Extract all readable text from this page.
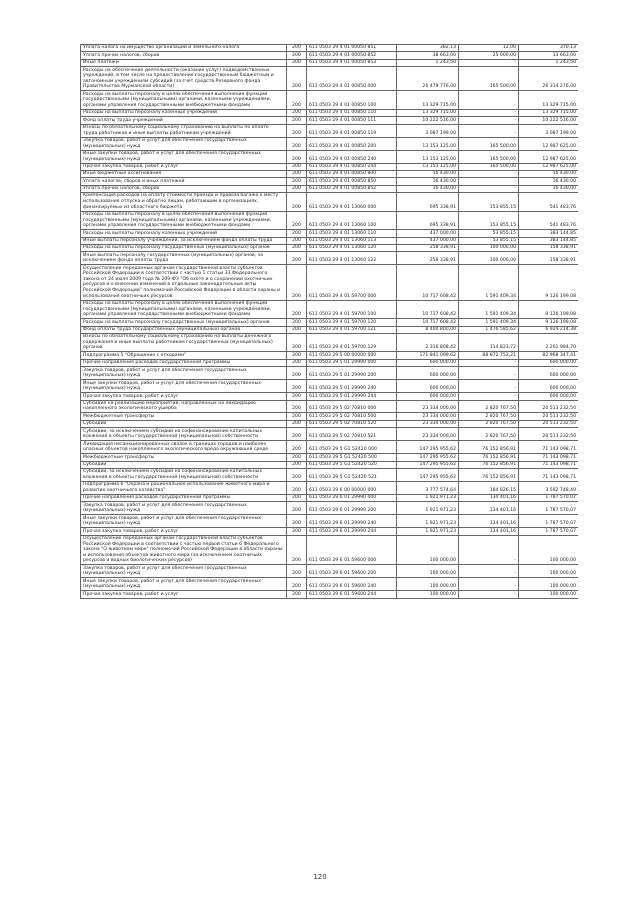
Уплата налога на имущество организаций и земельного налога	200	611 0503 29 4 01 00050 851	382,13	12,00	370,13
Уплата прочих налогов, сборов	200	611 0503 29 4 01 00050 852	38 663,00	25 000,00	13 663,00
Иные платежи	200	611 0503 29 4 01 00050 853	1 243,50	-	1 243,50
Расходы на обеспечение деятельности (оказание услуг) подведомственных учреждений, в том числе на предоставление государственным бюджетным и автономным учреждениям субсидий (за счет средств Резервного фонда Правительства Мурманской области)	200	611 0503 29 4 01 00850 000	26 479 776,00	165 500,00	26 314 276,00
Расходы на выплаты персоналу в целях обеспечения выполнения функций государственными (муниципальными) органами, казенными учреждениями, органами управления государственными внебюджетными фондами	200	611 0503 29 4 01 00850 100	13 329 715,00	-	13 329 715,00
Расходы на выплаты персоналу казенных учреждений	200	611 0503 29 4 01 00850 110	13 329 715,00	-	13 329 715,00
Фонд оплаты труда учреждений	200	611 0503 29 4 01 00850 111	10 222 516,00	-	10 222 516,00
Взносы по обязательному социальному страхованию на выплаты по оплате труда работников и иные выплаты работникам учреждений	200	611 0503 29 4 01 00850 119	3 087 199,00	-	3 087 199,00
Закупка товаров, работ и услуг для обеспечения государственных (муниципальных) нужд	200	611 0503 29 4 01 00850 200	13 153 125,00	165 500,00	12 987 625,00
Иные закупки товаров, работ и услуг для обеспечения государственных (муниципальных) нужд	200	611 0503 29 4 01 00850 240	13 153 125,00	165 500,00	12 987 625,00
Прочая закупка товаров, работ и услуг	200	611 0503 29 4 01 00850 244	13 153 125,00	165 500,00	12 987 625,00
Иные бюджетные ассигнования	200	611 0503 29 4 01 00850 800	16 430,00	-	16 430,00
Уплата налогов, сборов и иных платежей	200	611 0503 29 4 01 00850 850	16 430,00	-	16 430,00
Уплата прочих налогов, сборов	200	611 0503 29 4 01 00850 852	16 430,00	-	16 430,00
Компенсация расходов на оплату стоимости проезда и провоза багажа к месту использования отпуска и обратно лицам, работающим в организациях, финансируемых из областного бюджета	200	611 0503 29 4 01 13060 000	695 338,91	153 855,15	541 483,76
Расходы на выплаты персоналу в целях обеспечения выполнения функций государственными (муниципальными) органами, казенными учреждениями, органами управления государственными внебюджетными фондами	200	611 0503 29 4 01 13060 100	695 338,91	153 855,15	541 483,76
Расходы на выплаты персоналу казенных учреждений	200	611 0503 29 4 01 13060 110	437 000,00	53 855,15	383 144,85
Иные выплаты персоналу учреждений, за исключением фонда оплаты труда	200	611 0503 29 4 01 13060 113	437 000,00	53 855,15	383 144,85
Расходы на выплаты персоналу государственных (муниципальных) органов	200	611 0503 29 4 01 13060 120	258 338,91	100 000,00	158 338,91
Иные выплаты персоналу государственных (муниципальных) органов, за исключением фонда оплаты труда	200	611 0503 29 4 01 13060 122	258 338,91	100 000,00	158 338,91
Осуществление переданных органам государственной власти субъектов Российской Федерации в соответствии с частью 1 статьи 33 Федерального закона от 24 июля 2009 года № 209-ФЗ "Об охоте и о сохранении охотничьих ресурсов и о внесении изменений в отдельные законодательные акты Российской Федерации" полномочий Российской Федерации в области охраны и использования охотничьих ресурсов	200	611 0503 29 4 01 59700 000	10 717 608,42	1 591 409,34	9 126 199,08
Расходы на выплаты персоналу в целях обеспечения выполнения функций государственными (муниципальными) органами, казенными учреждениями, органами управления государственными внебюджетными фондами	200	611 0503 29 4 01 59700 100	10 717 608,42	1 591 409,34	9 126 199,08
Расходы на выплаты персоналу государственных (муниципальных) органов	200	611 0503 29 4 01 59700 120	10 717 608,42	1 591 409,34	9 126 199,08
Фонд оплаты труда государственных (муниципальных) органов	200	611 0503 29 4 01 59700 121	8 400 800,00	1 476 585,62	6 924 214,38
Взносы по обязательному социальному страхованию на выплаты денежного содержания и иные выплаты работникам государственных (муниципальных) органов	200	611 0503 29 4 01 59700 129	2 316 808,42	114 823,72	2 201 984,70
Подпрограмма 5 "Обращение с отходами"	200	611 0503 29 5 00 00000 000	171 841 099,62	88 872 752,21	82 968 347,41
Прочие направления расходов государственной программы	200	611 0503 29 5 01 29990 000	600 000,00	-	600 000,00
Закупка товаров, работ и услуг для обеспечения государственных (муниципальных) нужд	200	611 0503 29 5 01 29990 200	600 000,00	-	600 000,00
Иные закупки товаров, работ и услуг для обеспечения государственных (муниципальных) нужд	200	611 0503 29 5 01 29990 240	600 000,00	-	600 000,00
Прочая закупка товаров, работ и услуг	200	611 0503 29 5 01 29990 244	600 000,00	-	600 000,00
Субсидия на реализацию мероприятий, направленных на ликвидацию накопленного экологического ущерба	200	611 0503 29 5 02 70810 000	23 334 000,00	2 820 767,50	20 513 232,50
Межбюджетные трансферты	200	611 0503 29 5 02 70810 500	23 334 000,00	2 820 767,50	20 513 232,50
Субсидии	200	611 0503 29 5 02 70810 520	23 334 000,00	2 820 767,50	20 513 232,50
Субсидии, за исключением субсидий на софинансирование капитальных вложений в объекты государственной (муниципальной) собственности	200	611 0503 29 5 02 70810 521	23 334 000,00	2 820 767,50	20 513 232,50
Ликвидация несанкционированных свалок в границах городов и наиболее опасных объектов накопленного экологического вреда окружающей среде	200	611 0503 29 5 G1 52420 000	147 295 955,62	76 152 856,91	71 143 098,71
Межбюджетные трансферты	200	611 0503 29 5 G1 52420 500	147 295 955,62	76 152 856,91	71 143 098,71
Субсидии	200	611 0503 29 5 G1 52420 520	147 295 955,62	76 152 856,91	71 143 098,71
Субсидии, за исключением субсидий на софинансирование капитальных вложений в объекты государственной (муниципальной) собственности	200	611 0503 29 5 G1 52420 521	147 295 955,62	76 152 856,91	71 143 098,71
Подпрограмма 6 "Охрана и рациональное использование животного мира и развитие охотничьего хозяйства"	200	611 0503 29 6 00 00000 000	3 777 574,64	184 826,15	3 592 748,49
Прочие направления расходов государственной программы	200	611 0503 29 6 01 29990 000	1 921 971,23	134 401,16	1 787 570,07
Закупка товаров, работ и услуг для обеспечения государственных (муниципальных) нужд	200	611 0503 29 6 01 29990 200	1 921 971,23	134 401,16	1 787 570,07
Иные закупки товаров, работ и услуг для обеспечения государственных (муниципальных) нужд	200	611 0503 29 6 01 29990 240	1 921 971,23	134 401,16	1 787 570,07
Прочая закупка товаров, работ и услуг	200	611 0503 29 6 01 29990 244	1 921 971,23	134 401,16	1 787 570,07
Осуществление переданных органам государственной власти субъектов Российской Федерации в соответствии с частью первой статьи 6 Федерального закона "О животном мире" полномочий Российской Федерации в области охраны и использования объектов животного мира (за исключением охотничьих ресурсов и водных биологических ресурсов)	200	611 0503 29 6 01 59600 000	100 000,00	-	100 000,00
Закупка товаров, работ и услуг для обеспечения государственных (муниципальных) нужд	200	611 0503 29 6 01 59600 200	100 000,00	-	100 000,00
Иные закупки товаров, работ и услуг для обеспечения государственных (муниципальных) нужд	200	611 0503 29 6 01 59600 240	100 000,00	-	100 000,00
Прочая закупка товаров, работ и услуг	200	611 0503 29 6 01 59600 244	100 000,00	-	100 000,00
120
